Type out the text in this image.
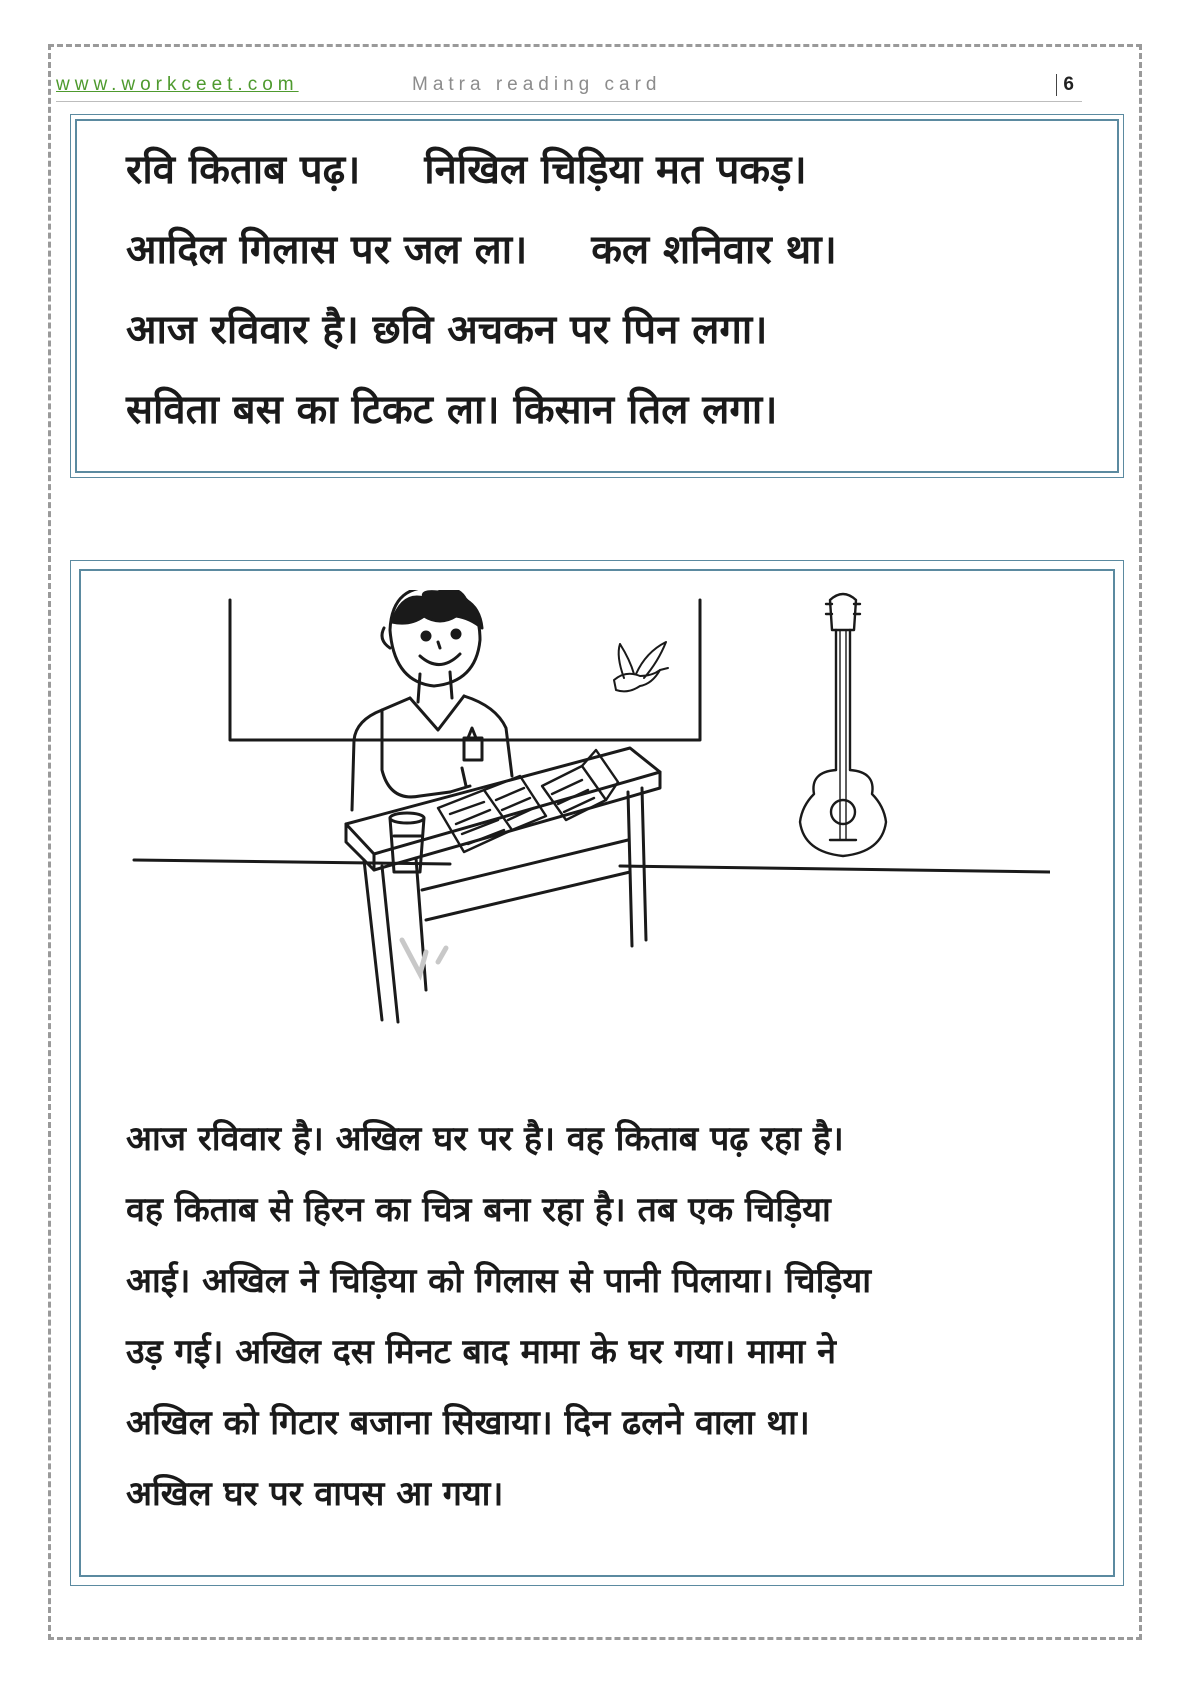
www.workceet.com	Matra reading card	6
रवि किताब पढ़। निखिल चिड़िया मत पकड़।
आदिल गिलास पर जल ला। कल शनिवार था।
आज रविवार है। छवि अचकन पर पिन लगा।
सविता बस का टिकट ला। किसान तिल लगा।
आज रविवार है। अखिल घर पर है। वह किताब पढ़ रहा है।
वह किताब से हिरन का चित्र बना रहा है। तब एक चिड़िया
आई। अखिल ने चिड़िया को गिलास से पानी पिलाया। चिड़िया
उड़ गई। अखिल दस मिनट बाद मामा के घर गया। मामा ने
अखिल को गिटार बजाना सिखाया। दिन ढलने वाला था।
अखिल घर पर वापस आ गया।
